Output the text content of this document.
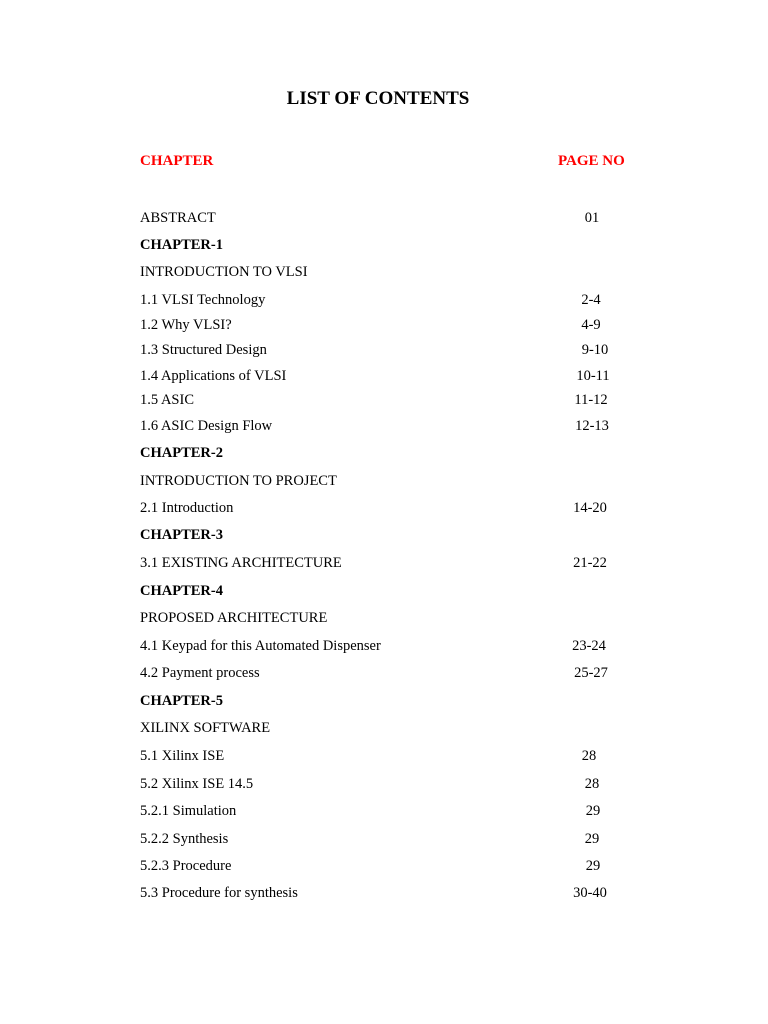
LIST OF CONTENTS
CHAPTER	PAGE NO
ABSTRACT	01
CHAPTER-1
INTRODUCTION TO VLSI
1.1 VLSI Technology	2-4
1.2 Why VLSI?	4-9
1.3 Structured Design	9-10
1.4 Applications of VLSI	10-11
1.5 ASIC	11-12
1.6 ASIC Design Flow	12-13
CHAPTER-2
INTRODUCTION TO PROJECT
2.1 Introduction	14-20
CHAPTER-3
3.1 EXISTING ARCHITECTURE	21-22
CHAPTER-4
PROPOSED ARCHITECTURE
4.1 Keypad for this Automated Dispenser	23-24
4.2 Payment process	25-27
CHAPTER-5
XILINX SOFTWARE
5.1 Xilinx ISE	28
5.2 Xilinx ISE 14.5	28
5.2.1 Simulation	29
5.2.2 Synthesis	29
5.2.3 Procedure	29
5.3 Procedure for synthesis	30-40
